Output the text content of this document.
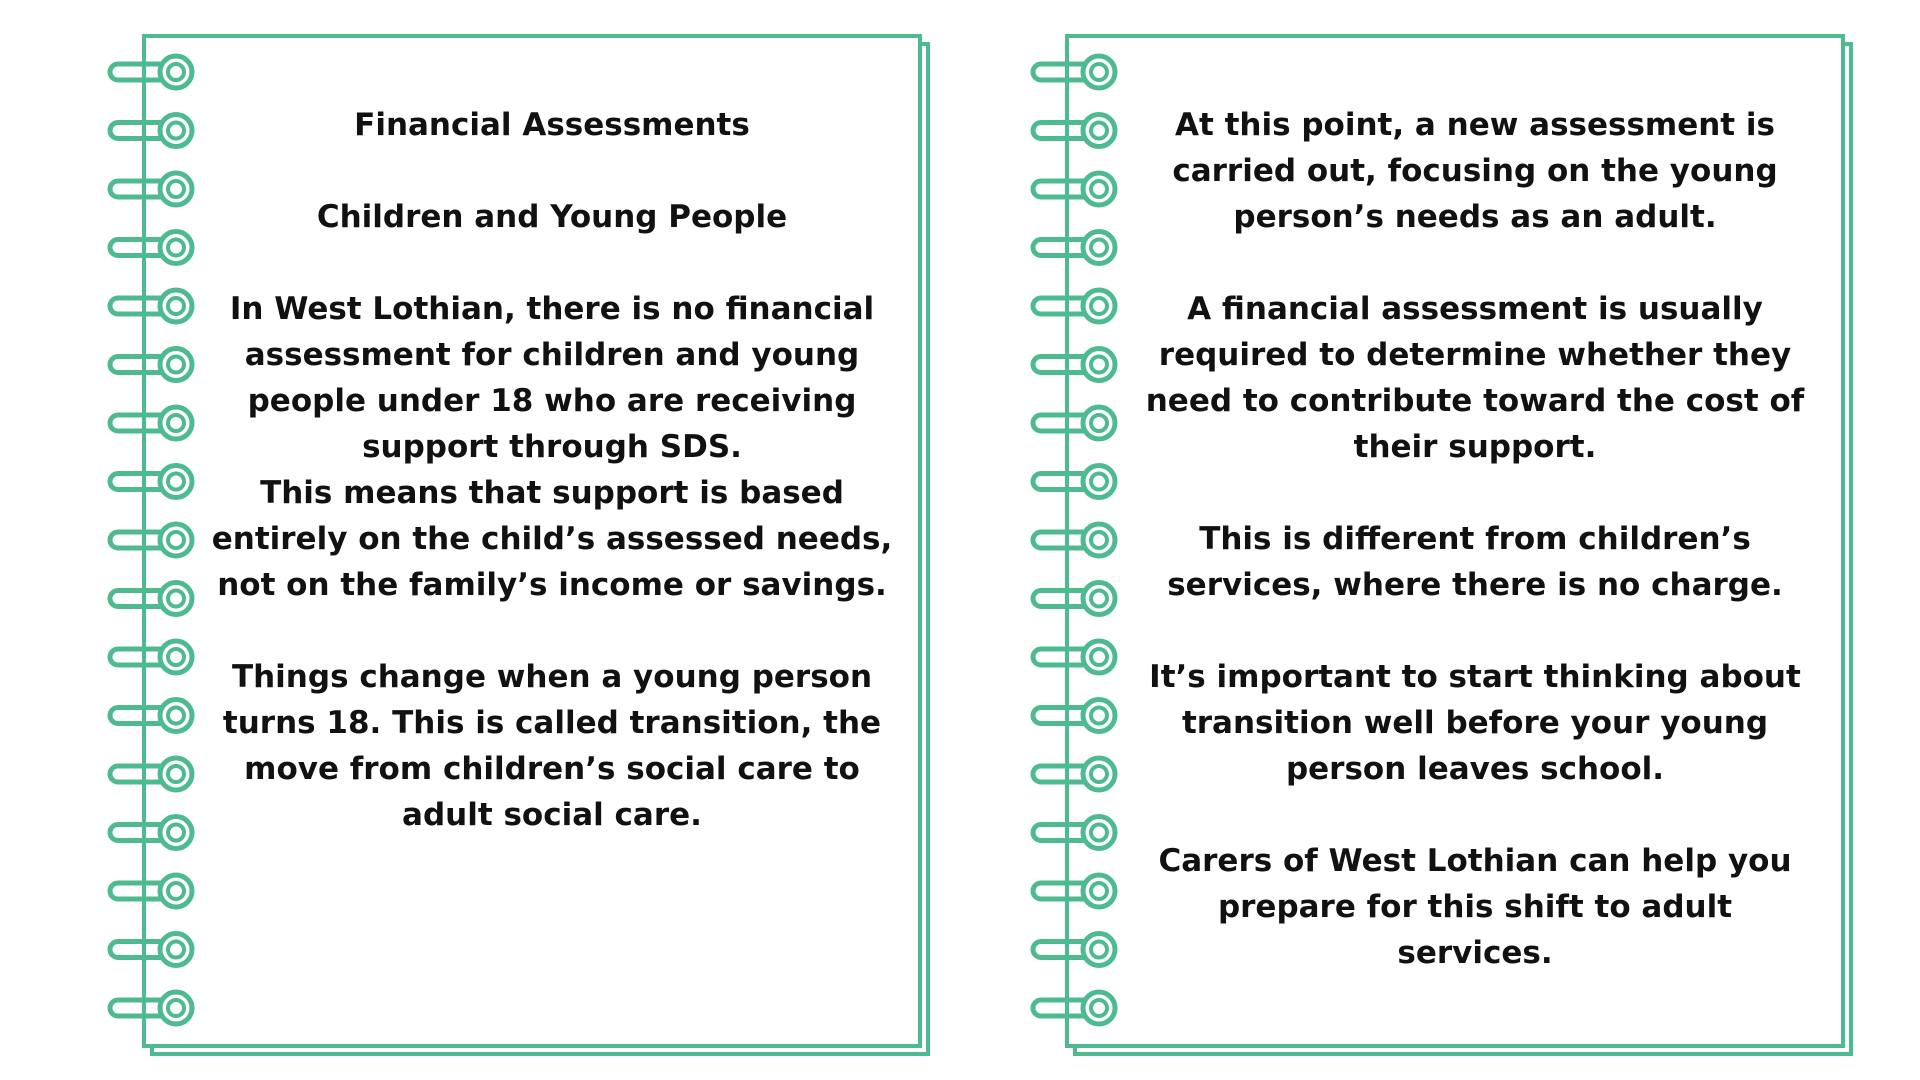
Financial Assessments

Children and Young People

In West Lothian, there is no financial assessment for children and young people under 18 who are receiving support through SDS.

This means that support is based entirely on the child’s assessed needs, not on the family’s income or savings.

Things change when a young person turns 18. This is called transition, the move from children’s social care to adult social care.

At this point, a new assessment is carried out, focusing on the young person’s needs as an adult.

A financial assessment is usually required to determine whether they need to contribute toward the cost of their support.

This is different from children’s services, where there is no charge.

It’s important to start thinking about transition well before your young person leaves school.

Carers of West Lothian can help you prepare for this shift to adult services.
